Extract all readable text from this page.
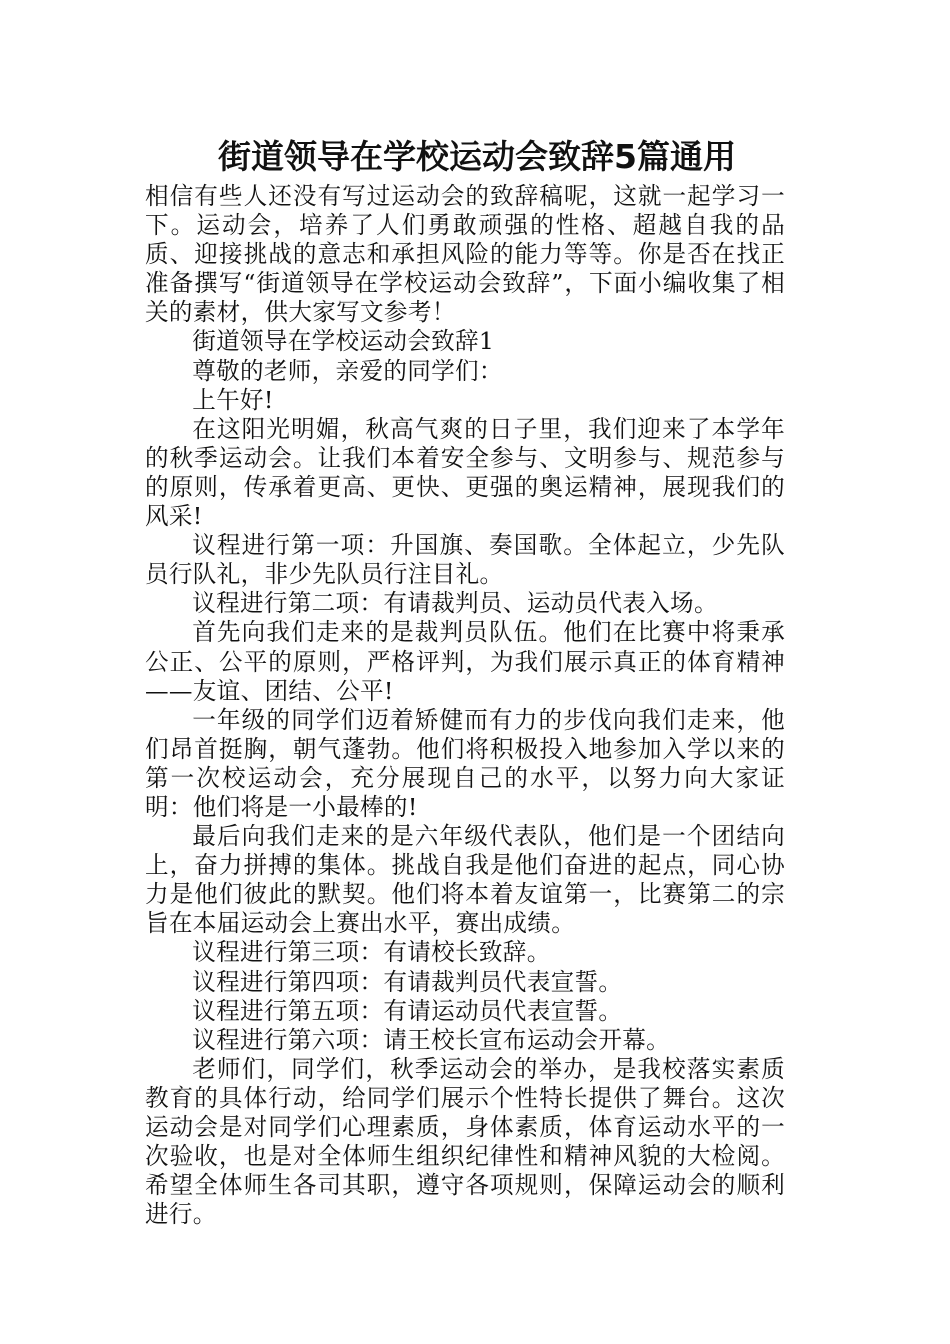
街道领导在学校运动会致辞5篇通用

相信有些人还没有写过运动会的致辞稿呢，这就一起学习一下。运动会，培养了人们勇敢顽强的性格、超越自我的品质、迎接挑战的意志和承担风险的能力等等。你是否在找正准备撰写“街道领导在学校运动会致辞”，下面小编收集了相关的素材，供大家写文参考！

街道领导在学校运动会致辞1

尊敬的老师，亲爱的同学们：

上午好!

在这阳光明媚，秋高气爽的日子里，我们迎来了本学年的秋季运动会。让我们本着安全参与、文明参与、规范参与的原则，传承着更高、更快、更强的奥运精神，展现我们的风采!

议程进行第一项：升国旗、奏国歌。全体起立，少先队员行队礼，非少先队员行注目礼。

议程进行第二项：有请裁判员、运动员代表入场。

首先向我们走来的是裁判员队伍。他们在比赛中将秉承公正、公平的原则，严格评判，为我们展示真正的体育精神——友谊、团结、公平!

一年级的同学们迈着矫健而有力的步伐向我们走来，他们昂首挺胸，朝气蓬勃。他们将积极投入地参加入学以来的第一次校运动会，充分展现自己的水平，以努力向大家证明：他们将是一小最棒的!

最后向我们走来的是六年级代表队，他们是一个团结向上，奋力拼搏的集体。挑战自我是他们奋进的起点，同心协力是他们彼此的默契。他们将本着友谊第一，比赛第二的宗旨在本届运动会上赛出水平，赛出成绩。

议程进行第三项：有请校长致辞。

议程进行第四项：有请裁判员代表宣誓。

议程进行第五项：有请运动员代表宣誓。

议程进行第六项：请王校长宣布运动会开幕。

老师们，同学们，秋季运动会的举办，是我校落实素质教育的具体行动，给同学们展示个性特长提供了舞台。这次运动会是对同学们心理素质，身体素质，体育运动水平的一次验收，也是对全体师生组织纪律性和精神风貌的大检阅。希望全体师生各司其职，遵守各项规则，保障运动会的顺利进行。
